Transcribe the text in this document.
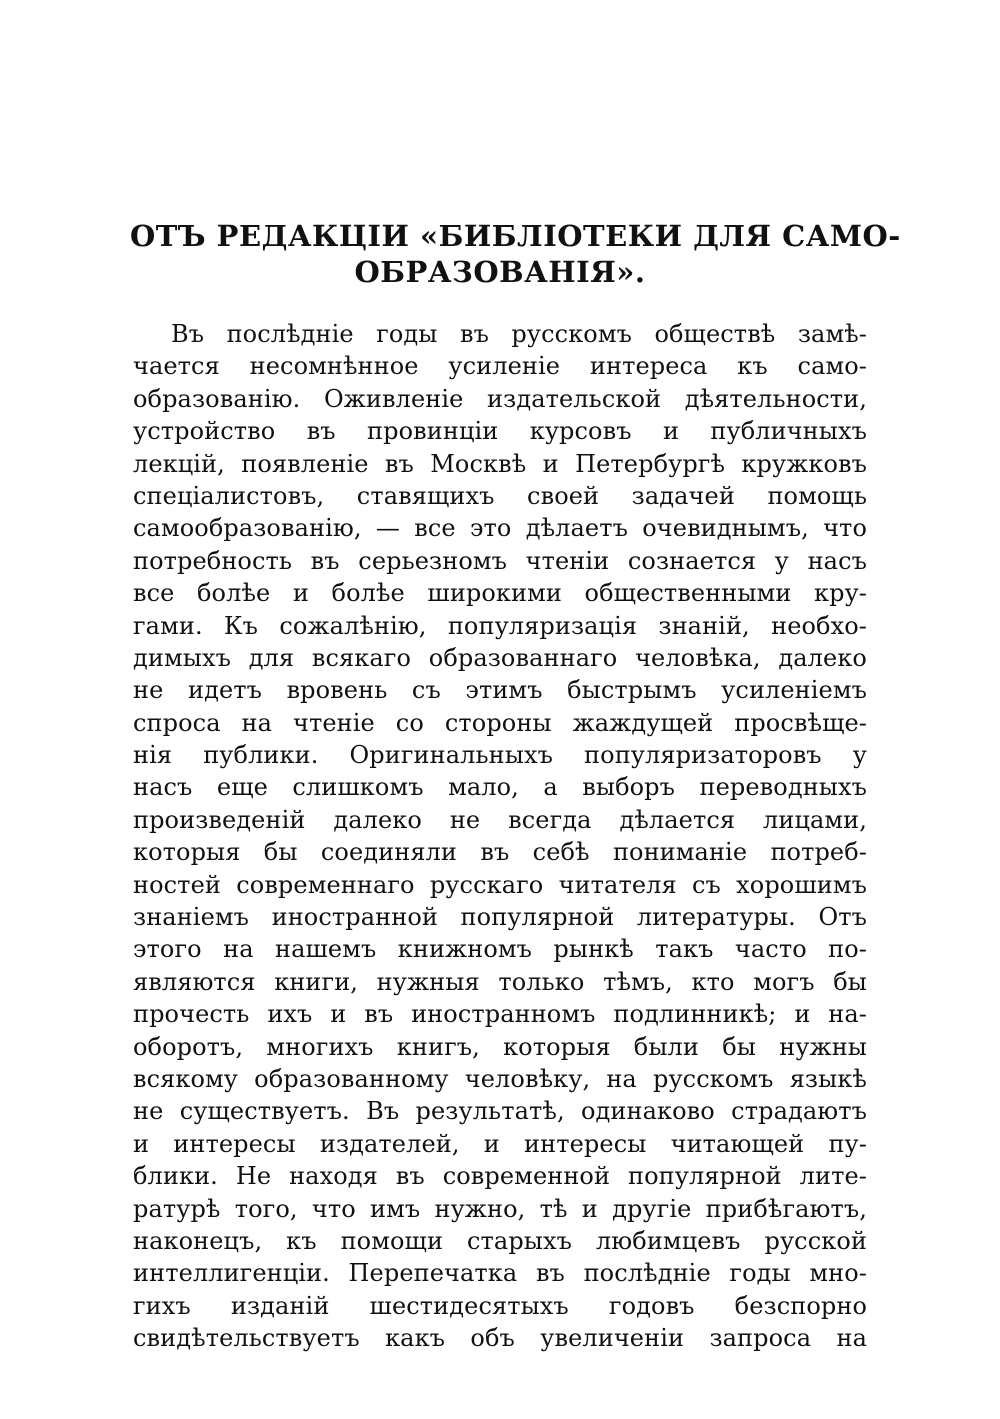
ОТЪ РЕДАКЦIИ «БИБЛIОТЕКИ ДЛЯ САМО-
ОБРАЗОВАНIЯ».
Въ послѣднiе годы въ русскомъ обществѣ замѣ-
чается несомнѣнное усиленiе интереса къ само-
образованiю. Оживленiе издательской дѣятельности,
устройство въ провинцiи курсовъ и публичныхъ
лекцiй, появленiе въ Москвѣ и Петербургѣ кружковъ
спецiалистовъ, ставящихъ своей задачей помощь
самообразованiю, — все это дѣлаетъ очевиднымъ, что
потребность въ серьезномъ чтенiи сознается у насъ
все болѣе и болѣе широкими общественными кру-
гами. Къ сожалѣнiю, популяризацiя знанiй, необхо-
димыхъ для всякаго образованнаго человѣка, далеко
не идетъ вровень съ этимъ быстрымъ усиленiемъ
спроса на чтенiе со стороны жаждущей просвѣще-
нiя публики. Оригинальныхъ популяризаторовъ у
насъ еще слишкомъ мало, а выборъ переводныхъ
произведенiй далеко не всегда дѣлается лицами,
которыя бы соединяли въ себѣ пониманiе потреб-
ностей современнаго русскаго читателя съ хорошимъ
знанiемъ иностранной популярной литературы. Отъ
этого на нашемъ книжномъ рынкѣ такъ часто по-
являются книги, нужныя только тѣмъ, кто могъ бы
прочесть ихъ и въ иностранномъ подлинникѣ; и на-
оборотъ, многихъ книгъ, которыя были бы нужны
всякому образованному человѣку, на русскомъ языкѣ
не существуетъ. Въ результатѣ, одинаково страдаютъ
и интересы издателей, и интересы читающей пу-
блики. Не находя въ современной популярной лите-
ратурѣ того, что имъ нужно, тѣ и другiе прибѣгаютъ,
наконецъ, къ помощи старыхъ любимцевъ русской
интеллигенцiи. Перепечатка въ послѣднiе годы мно-
гихъ изданiй шестидесятыхъ годовъ безспорно
свидѣтельствуетъ какъ объ увеличенiи запроса на
